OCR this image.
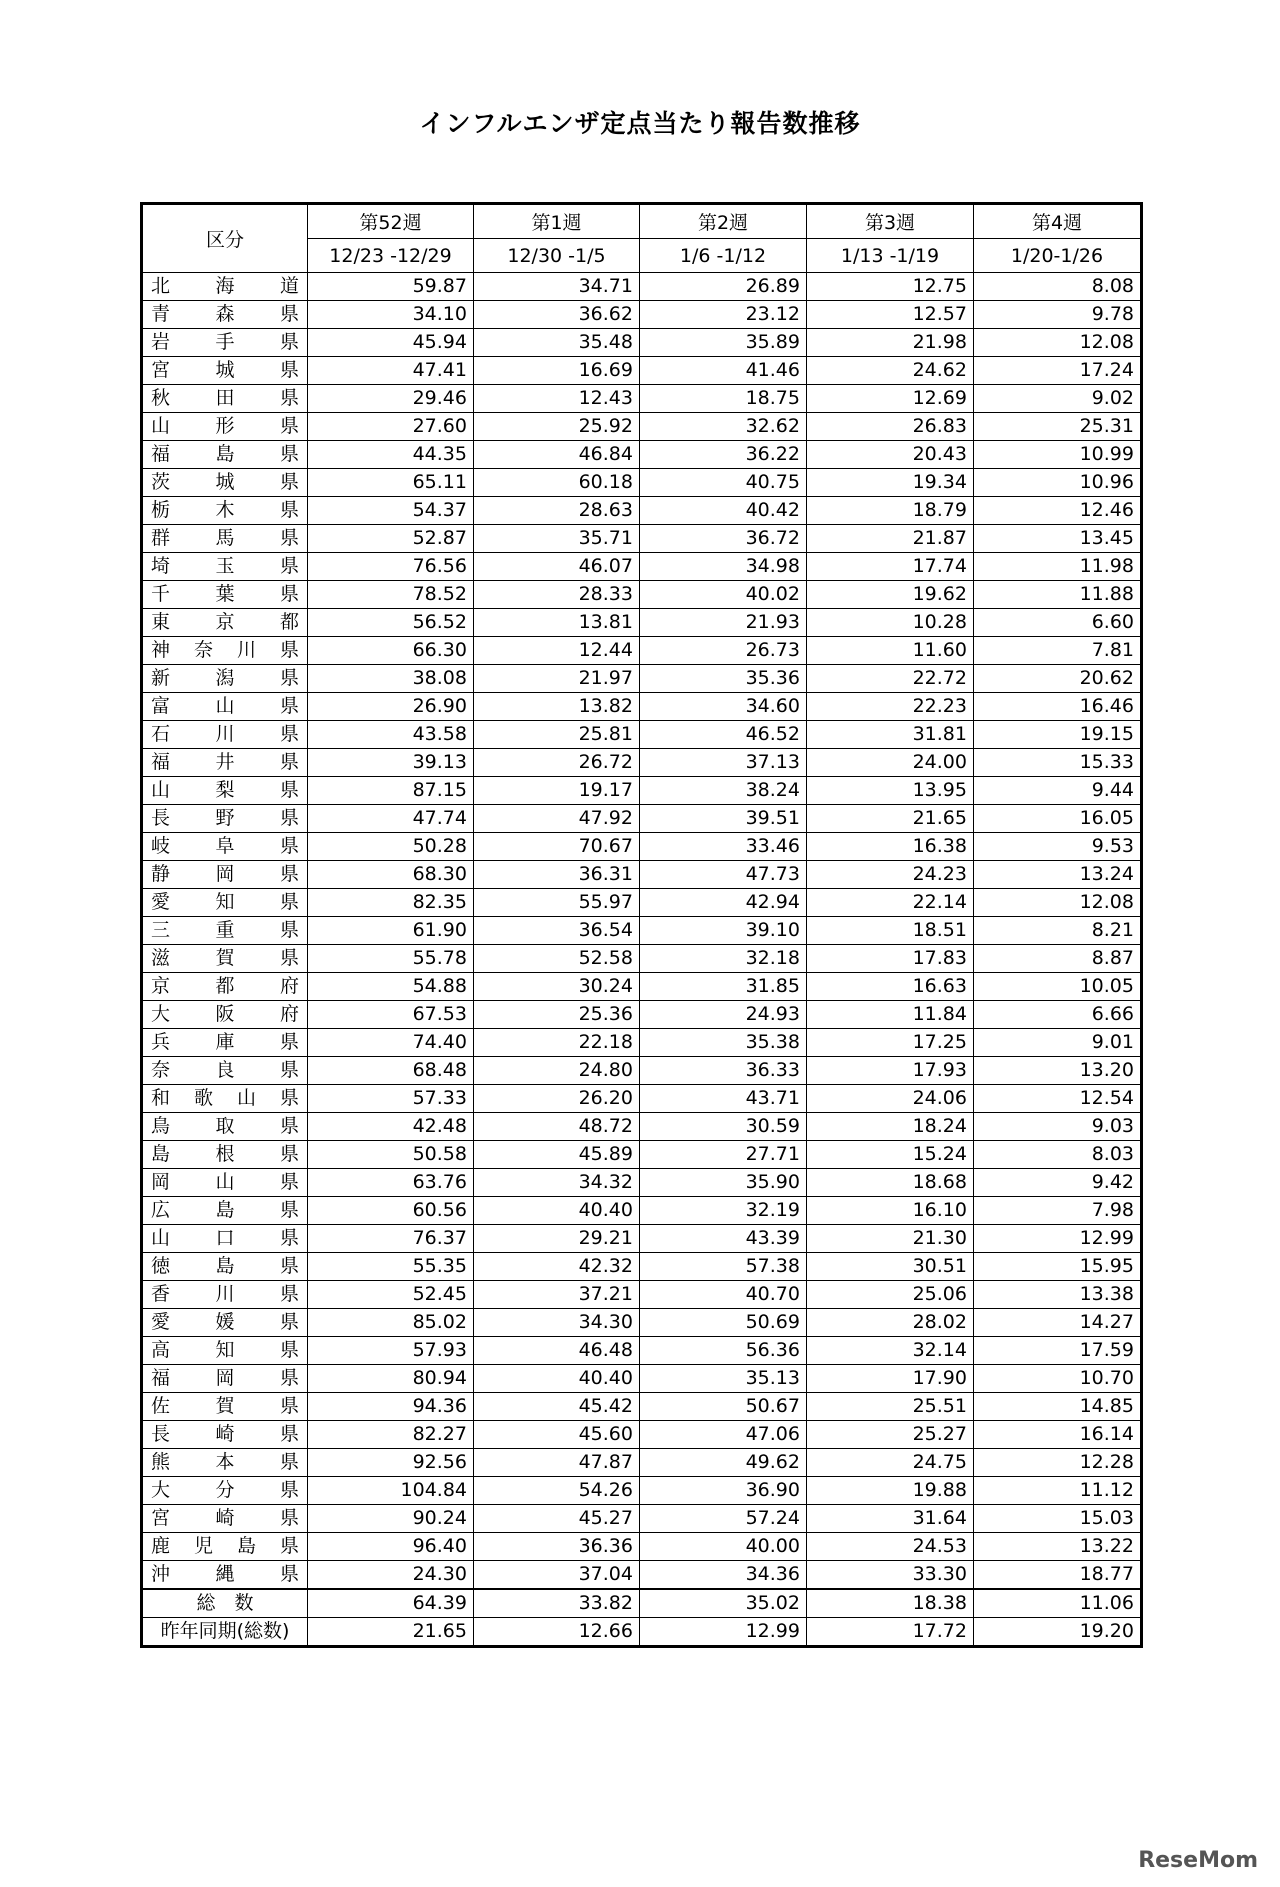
インフルエンザ定点当たり報告数推移
区分	第52週	第1週	第2週	第3週	第4週
	12/23 -12/29	12/30 -1/5	1/6 -1/12	1/13 -1/19	1/20-1/26

北 海 道	59.87	34.71	26.89	12.75	8.08

青 森 県	34.10	36.62	23.12	12.57	9.78

岩 手 県	45.94	35.48	35.89	21.98	12.08

宮 城 県	47.41	16.69	41.46	24.62	17.24

秋 田 県	29.46	12.43	18.75	12.69	9.02

山 形 県	27.60	25.92	32.62	26.83	25.31

福 島 県	44.35	46.84	36.22	20.43	10.99

茨 城 県	65.11	60.18	40.75	19.34	10.96

栃 木 県	54.37	28.63	40.42	18.79	12.46

群 馬 県	52.87	35.71	36.72	21.87	13.45

埼 玉 県	76.56	46.07	34.98	17.74	11.98

千 葉 県	78.52	28.33	40.02	19.62	11.88

東 京 都	56.52	13.81	21.93	10.28	6.60

神 奈 川 県	66.30	12.44	26.73	11.60	7.81

新 潟 県	38.08	21.97	35.36	22.72	20.62

富 山 県	26.90	13.82	34.60	22.23	16.46

石 川 県	43.58	25.81	46.52	31.81	19.15

福 井 県	39.13	26.72	37.13	24.00	15.33

山 梨 県	87.15	19.17	38.24	13.95	9.44

長 野 県	47.74	47.92	39.51	21.65	16.05

岐 阜 県	50.28	70.67	33.46	16.38	9.53

静 岡 県	68.30	36.31	47.73	24.23	13.24

愛 知 県	82.35	55.97	42.94	22.14	12.08

三 重 県	61.90	36.54	39.10	18.51	8.21

滋 賀 県	55.78	52.58	32.18	17.83	8.87

京 都 府	54.88	30.24	31.85	16.63	10.05

大 阪 府	67.53	25.36	24.93	11.84	6.66

兵 庫 県	74.40	22.18	35.38	17.25	9.01

奈 良 県	68.48	24.80	36.33	17.93	13.20

和 歌 山 県	57.33	26.20	43.71	24.06	12.54

鳥 取 県	42.48	48.72	30.59	18.24	9.03

島 根 県	50.58	45.89	27.71	15.24	8.03

岡 山 県	63.76	34.32	35.90	18.68	9.42

広 島 県	60.56	40.40	32.19	16.10	7.98

山 口 県	76.37	29.21	43.39	21.30	12.99

徳 島 県	55.35	42.32	57.38	30.51	15.95

香 川 県	52.45	37.21	40.70	25.06	13.38

愛 媛 県	85.02	34.30	50.69	28.02	14.27

高 知 県	57.93	46.48	56.36	32.14	17.59

福 岡 県	80.94	40.40	35.13	17.90	10.70

佐 賀 県	94.36	45.42	50.67	25.51	14.85

長 崎 県	82.27	45.60	47.06	25.27	16.14

熊 本 県	92.56	47.87	49.62	24.75	12.28

大 分 県	104.84	54.26	36.90	19.88	11.12

宮 崎 県	90.24	45.27	57.24	31.64	15.03

鹿 児 島 県	96.40	36.36	40.00	24.53	13.22

沖 縄 県	24.30	37.04	34.36	33.30	18.77
総　数	64.39	33.82	35.02	18.38	11.06
昨年同期(総数)	21.65	12.66	12.99	17.72	19.20
ReseMom
